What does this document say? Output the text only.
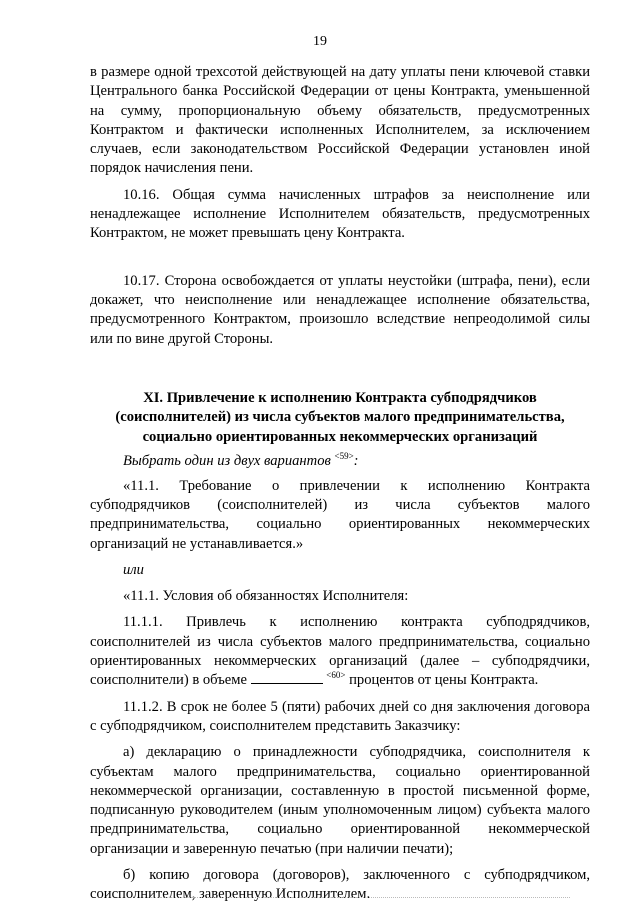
19

в размере одной трехсотой действующей на дату уплаты пени ключевой ставки Центрального банка Российской Федерации от цены Контракта, уменьшенной на сумму, пропорциональную объему обязательств, предусмотренных Контрактом и фактически исполненных Исполнителем, за исключением случаев, если законодательством Российской Федерации установлен иной порядок начисления пени.

10.16. Общая сумма начисленных штрафов за неисполнение или ненадлежащее исполнение Исполнителем обязательств, предусмотренных Контрактом, не может превышать цену Контракта.

10.17. Сторона освобождается от уплаты неустойки (штрафа, пени), если докажет, что неисполнение или ненадлежащее исполнение обязательства, предусмотренного Контрактом, произошло вследствие непреодолимой силы или по вине другой Стороны.

XI. Привлечение к исполнению Контракта субподрядчиков
(соисполнителей) из числа субъектов малого предпринимательства,
социально ориентированных некоммерческих организаций

Выбрать один из двух вариантов $^{<59>}$:

«11.1. Требование о привлечении к исполнению Контракта субподрядчиков (соисполнителей) из числа субъектов малого предпринимательства, социально ориентированных некоммерческих организаций не устанавливается.»

или

«11.1. Условия об обязанностях Исполнителя:

11.1.1. Привлечь к исполнению контракта субподрядчиков, соисполнителей из числа субъектов малого предпринимательства, социально ориентированных некоммерческих организаций (далее – субподрядчики, соисполнители) в объеме	$^{<60>}$ процентов от цены Контракта.

11.1.2. В срок не более 5 (пяти) рабочих дней со дня заключения договора с субподрядчиком, соисполнителем представить Заказчику:

а) декларацию о принадлежности субподрядчика, соисполнителя к субъектам малого предпринимательства, социально ориентированной некоммерческой организации, составленную в простой письменной форме, подписанную руководителем (иным уполномоченным лицом) субъекта малого предпринимательства, социально ориентированной некоммерческой организации и заверенную печатью (при наличии печати);

б) копию договора (договоров), заключенного с субподрядчиком, соисполнителем, заверенную Исполнителем.
